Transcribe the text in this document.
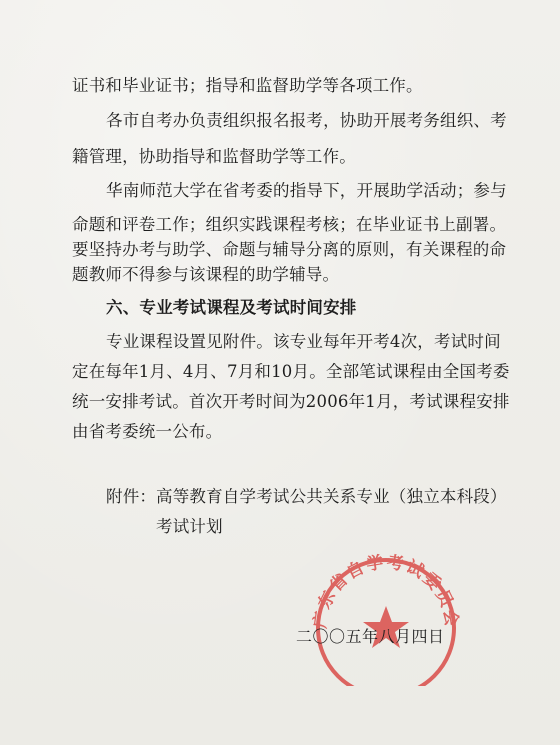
证书和毕业证书；指导和监督助学等各项工作。
各市自考办负责组织报名报考，协助开展考务组织、考
籍管理，协助指导和监督助学等工作。
华南师范大学在省考委的指导下，开展助学活动；参与
命题和评卷工作；组织实践课程考核；在毕业证书上副署。
要坚持办考与助学、命题与辅导分离的原则，有关课程的命
题教师不得参与该课程的助学辅导。
六、专业考试课程及考试时间安排
专业课程设置见附件。该专业每年开考4次，考试时间
定在每年1月、4月、7月和10月。全部笔试课程由全国考委
统一安排考试。首次开考时间为2006年1月，考试课程安排
由省考委统一公布。
附件： 高等教育自学考试公共关系专业（独立本科段）
考试计划
广东省自学考试委员会
二〇〇五年八月四日
